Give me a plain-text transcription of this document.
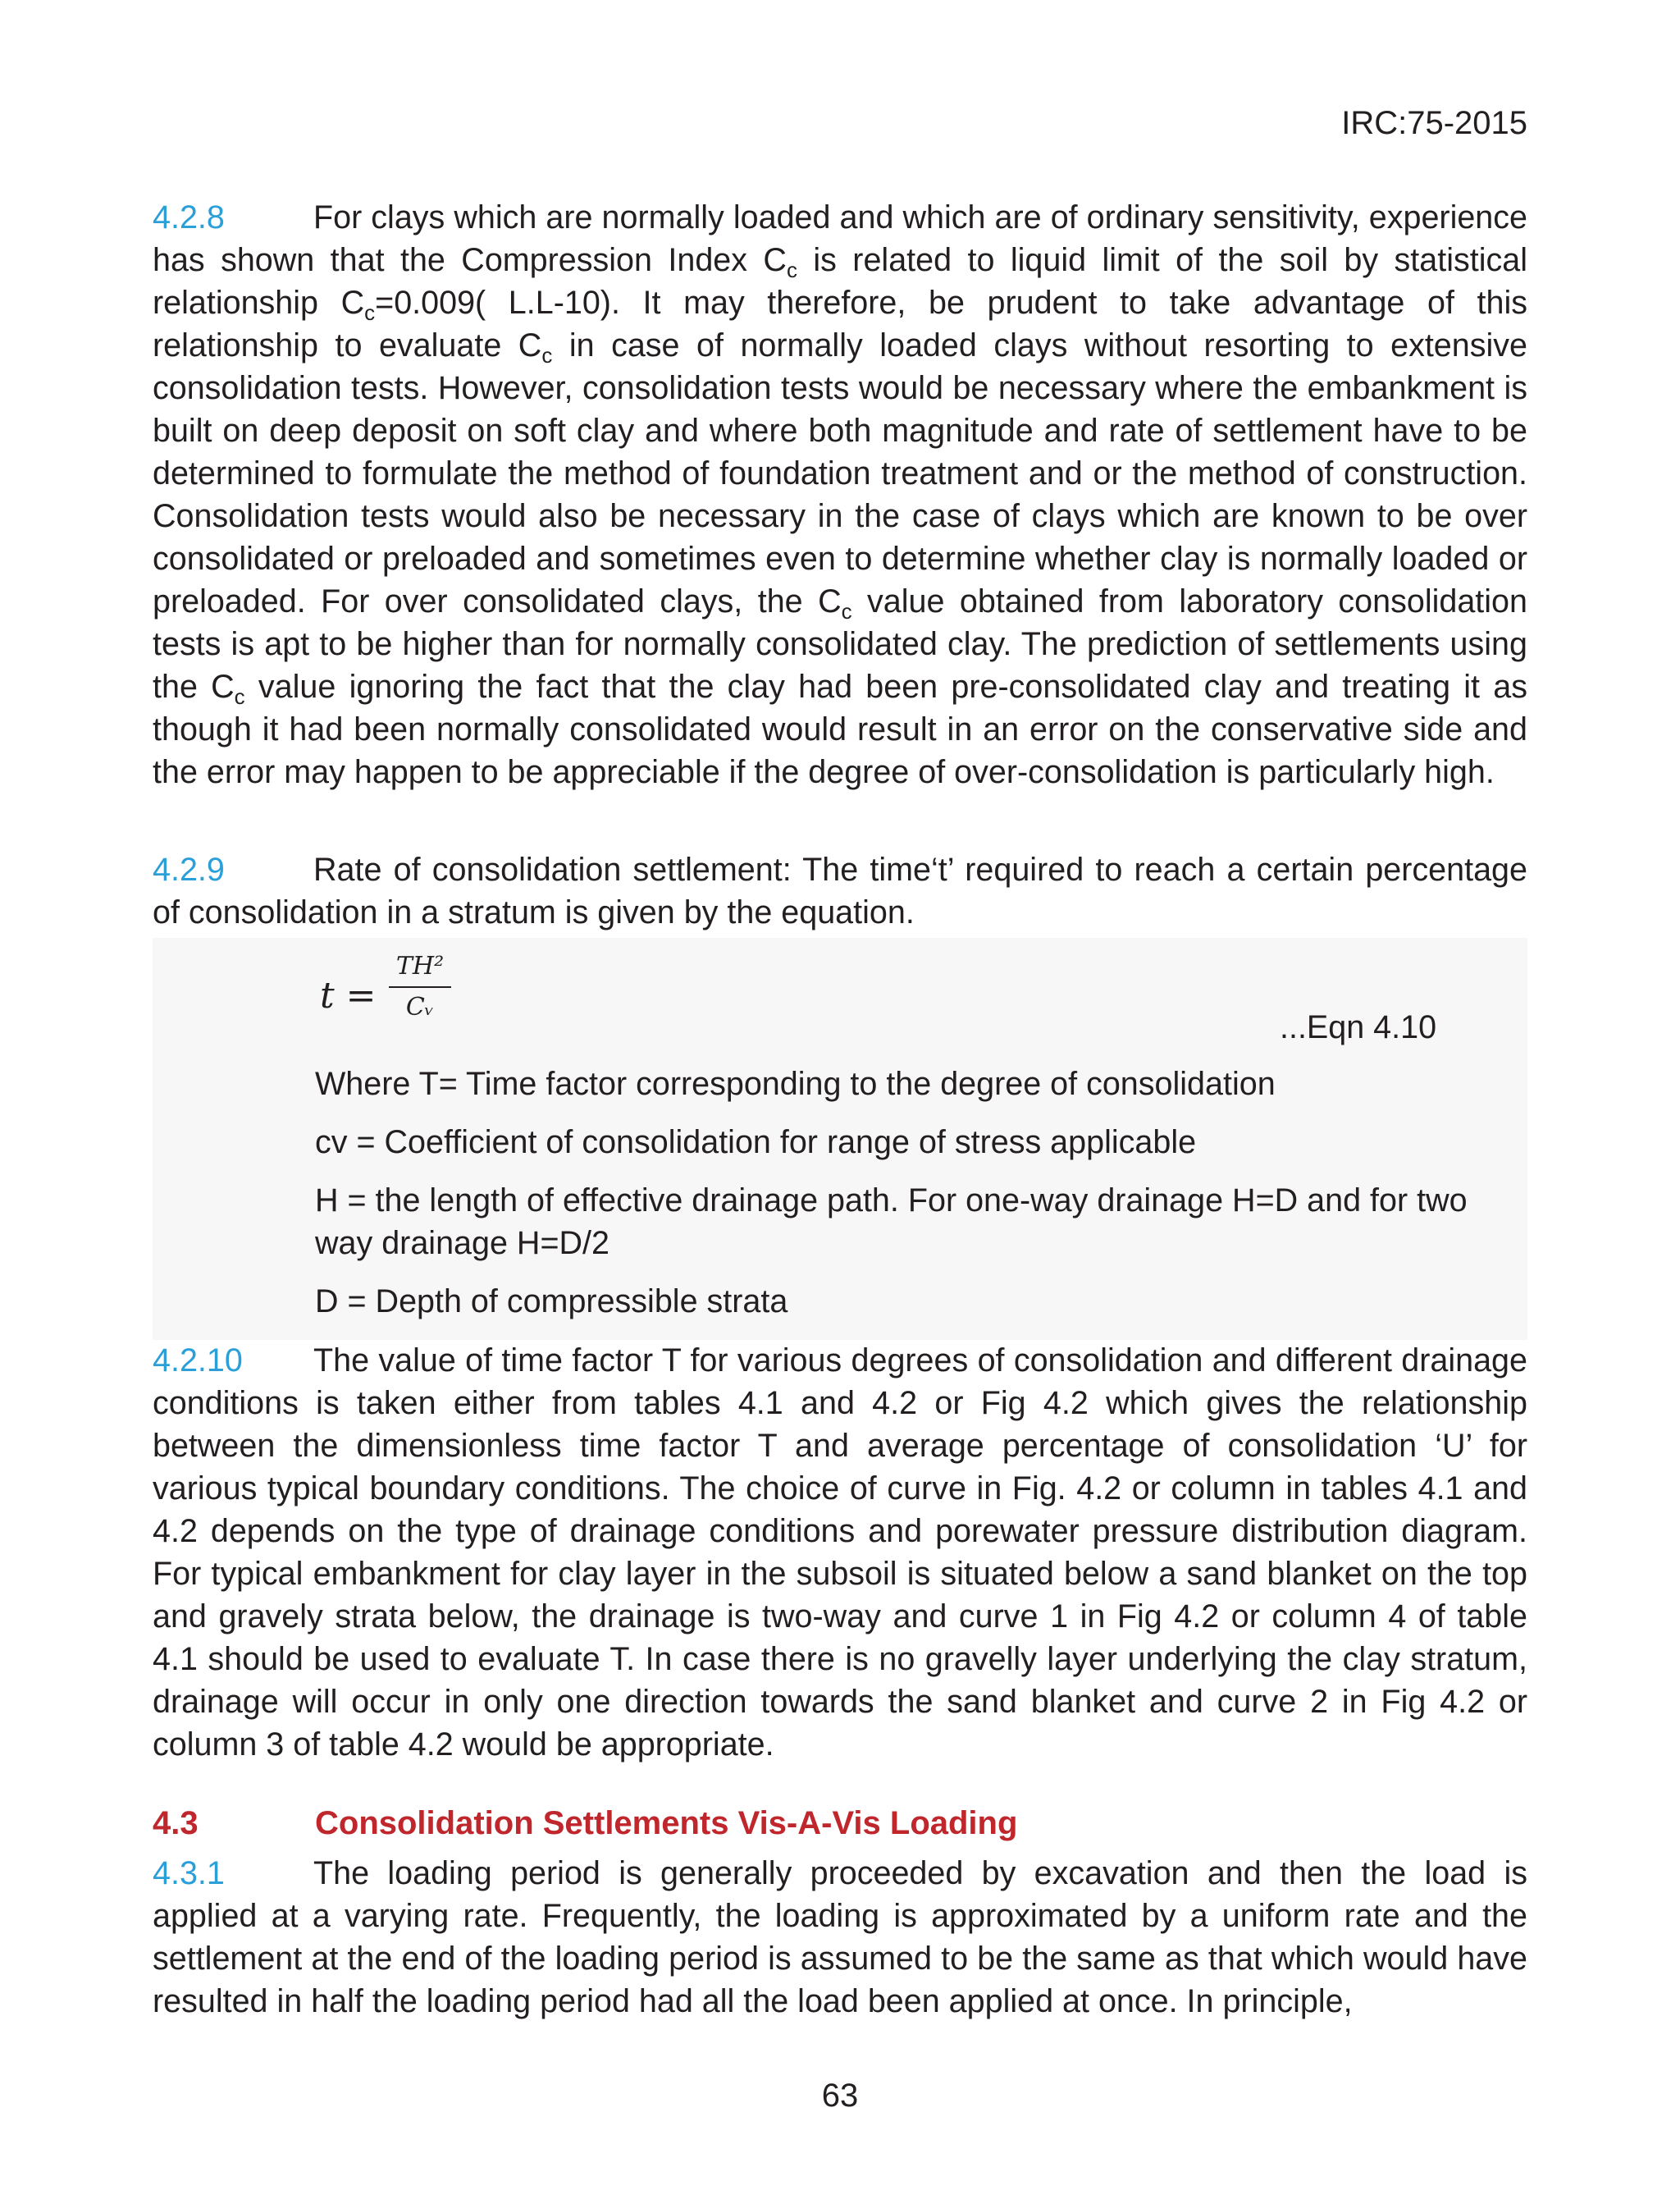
IRC:75-2015

4.2.8	For clays which are normally loaded and which are of ordinary sensitivity, experience has shown that the Compression Index $C_c$ is related to liquid limit of the soil by statistical relationship $C_c=0.009$( L.L-10). It may therefore, be prudent to take advantage of this relationship to evaluate $C_c$ in case of normally loaded clays without resorting to extensive consolidation tests. However, consolidation tests would be necessary where the embankment is built on deep deposit on soft clay and where both magnitude and rate of settlement have to be determined to formulate the method of foundation treatment and or the method of construction. Consolidation tests would also be necessary in the case of clays which are known to be over consolidated or preloaded and sometimes even to determine whether clay is normally loaded or preloaded. For over consolidated clays, the $C_c$ value obtained from laboratory consolidation tests is apt to be higher than for normally consolidated clay. The prediction of settlements using the $C_c$ value ignoring the fact that the clay had been pre-consolidated clay and treating it as though it had been normally consolidated would result in an error on the conservative side and the error may happen to be appreciable if the degree of over-consolidation is particularly high.

4.2.9	Rate of consolidation settlement: The time‘t’ required to reach a certain percentage of consolidation in a stratum is given by the equation.

t =
TH²
Cᵥ
...Eqn 4.10

Where T= Time factor corresponding to the degree of consolidation

cv = Coefficient of consolidation for range of stress applicable

H = the length of effective drainage path. For one-way drainage H=D and for two way drainage H=D/2

D = Depth of compressible strata

4.2.10 The value of time factor T for various degrees of consolidation and different drainage conditions is taken either from tables 4.1 and 4.2 or Fig 4.2 which gives the relationship between the dimensionless time factor T and average percentage of consolidation ‘U’ for various typical boundary conditions. The choice of curve in Fig. 4.2 or column in tables 4.1 and 4.2 depends on the type of drainage conditions and porewater pressure distribution diagram. For typical embankment for clay layer in the subsoil is situated below a sand blanket on the top and gravely strata below, the drainage is two-way and curve 1 in Fig 4.2 or column 4 of table 4.1 should be used to evaluate T. In case there is no gravelly layer underlying the clay stratum, drainage will occur in only one direction towards the sand blanket and curve 2 in Fig 4.2 or column 3 of table 4.2 would be appropriate.

4.3	Consolidation Settlements Vis-A-Vis Loading

4.3.1	The loading period is generally proceeded by excavation and then the load is applied at a varying rate. Frequently, the loading is approximated by a uniform rate and the settlement at the end of the loading period is assumed to be the same as that which would have resulted in half the loading period had all the load been applied at once. In principle,

63
